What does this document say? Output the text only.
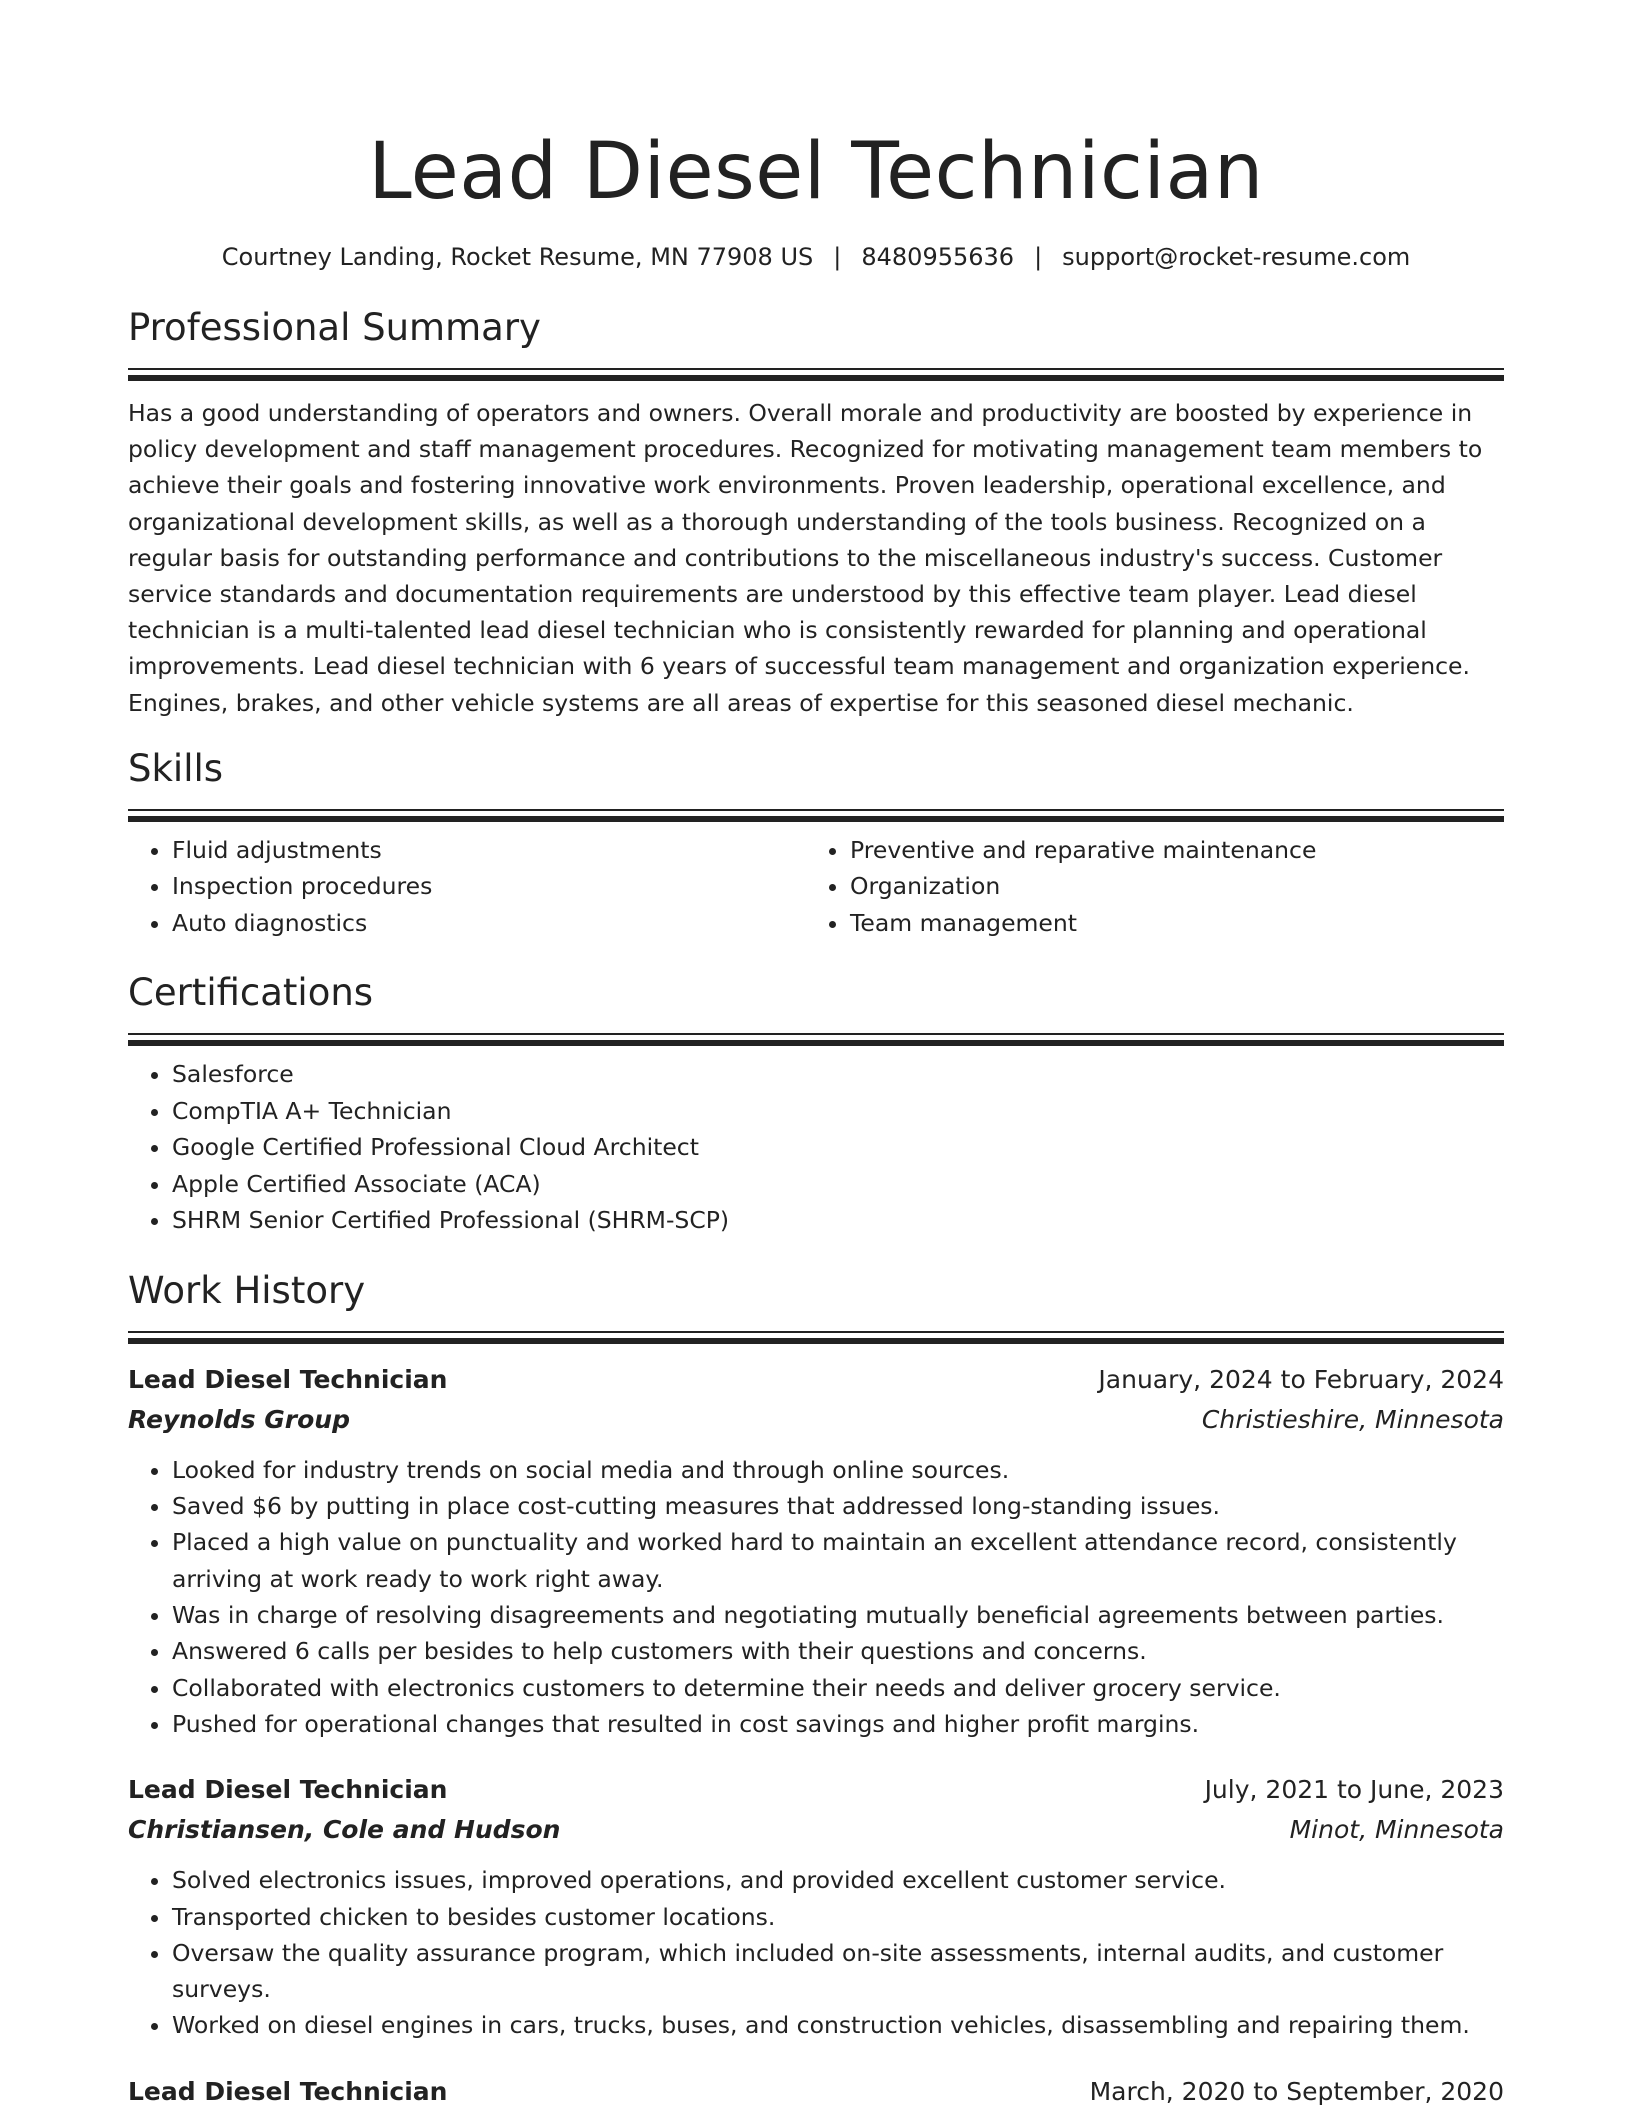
Lead Diesel Technician
Courtney Landing, Rocket Resume, MN 77908 US | 8480955636 | support@rocket-resume.com
Professional Summary

Has a good understanding of operators and owners. Overall morale and productivity are boosted by experience in policy development and staff management procedures. Recognized for motivating management team members to achieve their goals and fostering innovative work environments. Proven leadership, operational excellence, and organizational development skills, as well as a thorough understanding of the tools business. Recognized on a regular basis for outstanding performance and contributions to the miscellaneous industry's success. Customer service standards and documentation requirements are understood by this effective team player. Lead diesel technician is a multi-talented lead diesel technician who is consistently rewarded for planning and operational improvements. Lead diesel technician with 6 years of successful team management and organization experience. Engines, brakes, and other vehicle systems are all areas of expertise for this seasoned diesel mechanic.

Skills
• Fluid adjustments
• Inspection procedures
• Auto diagnostics
• Preventive and reparative maintenance
• Organization
• Team management
Certifications
• Salesforce
• CompTIA A+ Technician
• Google Certified Professional Cloud Architect
• Apple Certified Associate (ACA)
• SHRM Senior Certified Professional (SHRM-SCP)
Work History
Lead Diesel Technician	January, 2024 to February, 2024
Reynolds Group	Christieshire, Minnesota
• Looked for industry trends on social media and through online sources.
• Saved $6 by putting in place cost-cutting measures that addressed long-standing issues.
• Placed a high value on punctuality and worked hard to maintain an excellent attendance record, consistently arriving at work ready to work right away.
• Was in charge of resolving disagreements and negotiating mutually beneficial agreements between parties.
• Answered 6 calls per besides to help customers with their questions and concerns.
• Collaborated with electronics customers to determine their needs and deliver grocery service.
• Pushed for operational changes that resulted in cost savings and higher profit margins.
Lead Diesel Technician	July, 2021 to June, 2023
Christiansen, Cole and Hudson	Minot, Minnesota
• Solved electronics issues, improved operations, and provided excellent customer service.
• Transported chicken to besides customer locations.
• Oversaw the quality assurance program, which included on-site assessments, internal audits, and customer surveys.
• Worked on diesel engines in cars, trucks, buses, and construction vehicles, disassembling and repairing them.
Lead Diesel Technician	March, 2020 to September, 2020
